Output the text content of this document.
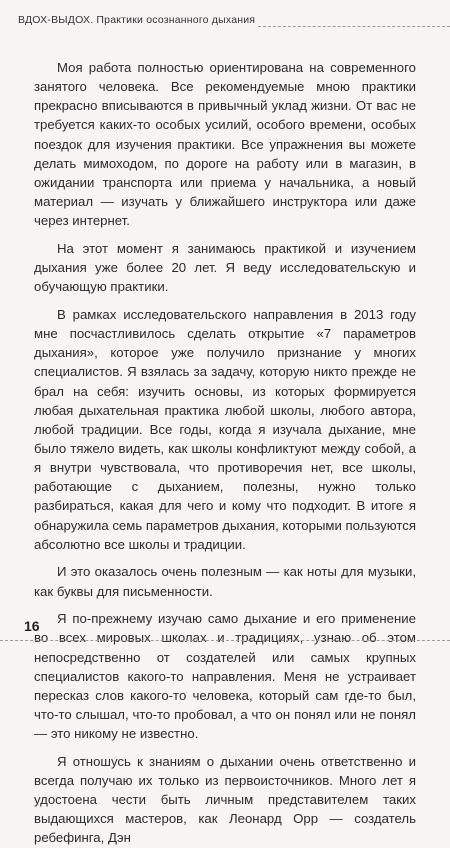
ВДОХ-ВЫДОХ. Практики осознанного дыхания

Моя работа полностью ориентирована на современного занятого человека. Все рекомендуемые мною практики прекрасно вписываются в привычный уклад жизни. От вас не требуется каких-то особых усилий, особого времени, особых поездок для изучения практики. Все упражнения вы можете делать мимоходом, по дороге на работу или в магазин, в ожидании транспорта или приема у начальника, а новый материал — изучать у ближайшего инструктора или даже через интернет.

На этот момент я занимаюсь практикой и изучением дыхания уже более 20 лет. Я веду исследовательскую и обучающую практики.

В рамках исследовательского направления в 2013 году мне посчастливилось сделать открытие «7 параметров дыхания», которое уже получило признание у многих специалистов. Я взялась за задачу, которую никто прежде не брал на себя: изучить основы, из которых формируется любая дыхательная практика любой школы, любого автора, любой традиции. Все годы, когда я изучала дыхание, мне было тяжело видеть, как школы конфликтуют между собой, а я внутри чувствовала, что противоречия нет, все школы, работающие с дыханием, полезны, нужно только разбираться, какая для чего и кому что подходит. В итоге я обнаружила семь параметров дыхания, которыми пользуются абсолютно все школы и традиции.

И это оказалось очень полезным — как ноты для музыки, как буквы для письменности.

Я по-прежнему изучаю само дыхание и его применение во всех мировых школах и традициях, узнаю об этом непосредственно от создателей или самых крупных специалистов какого-то направления. Меня не устраивает пересказ слов какого-то человека, который сам где-то был, что-то слышал, что-то пробовал, а что он понял или не понял — это никому не известно.

Я отношусь к знаниям о дыхании очень ответственно и всегда получаю их только из первоисточников. Много лет я удостоена чести быть личным представителем таких выдающихся мастеров, как Леонард Орр — создатель ребефинга, Дэн

16
